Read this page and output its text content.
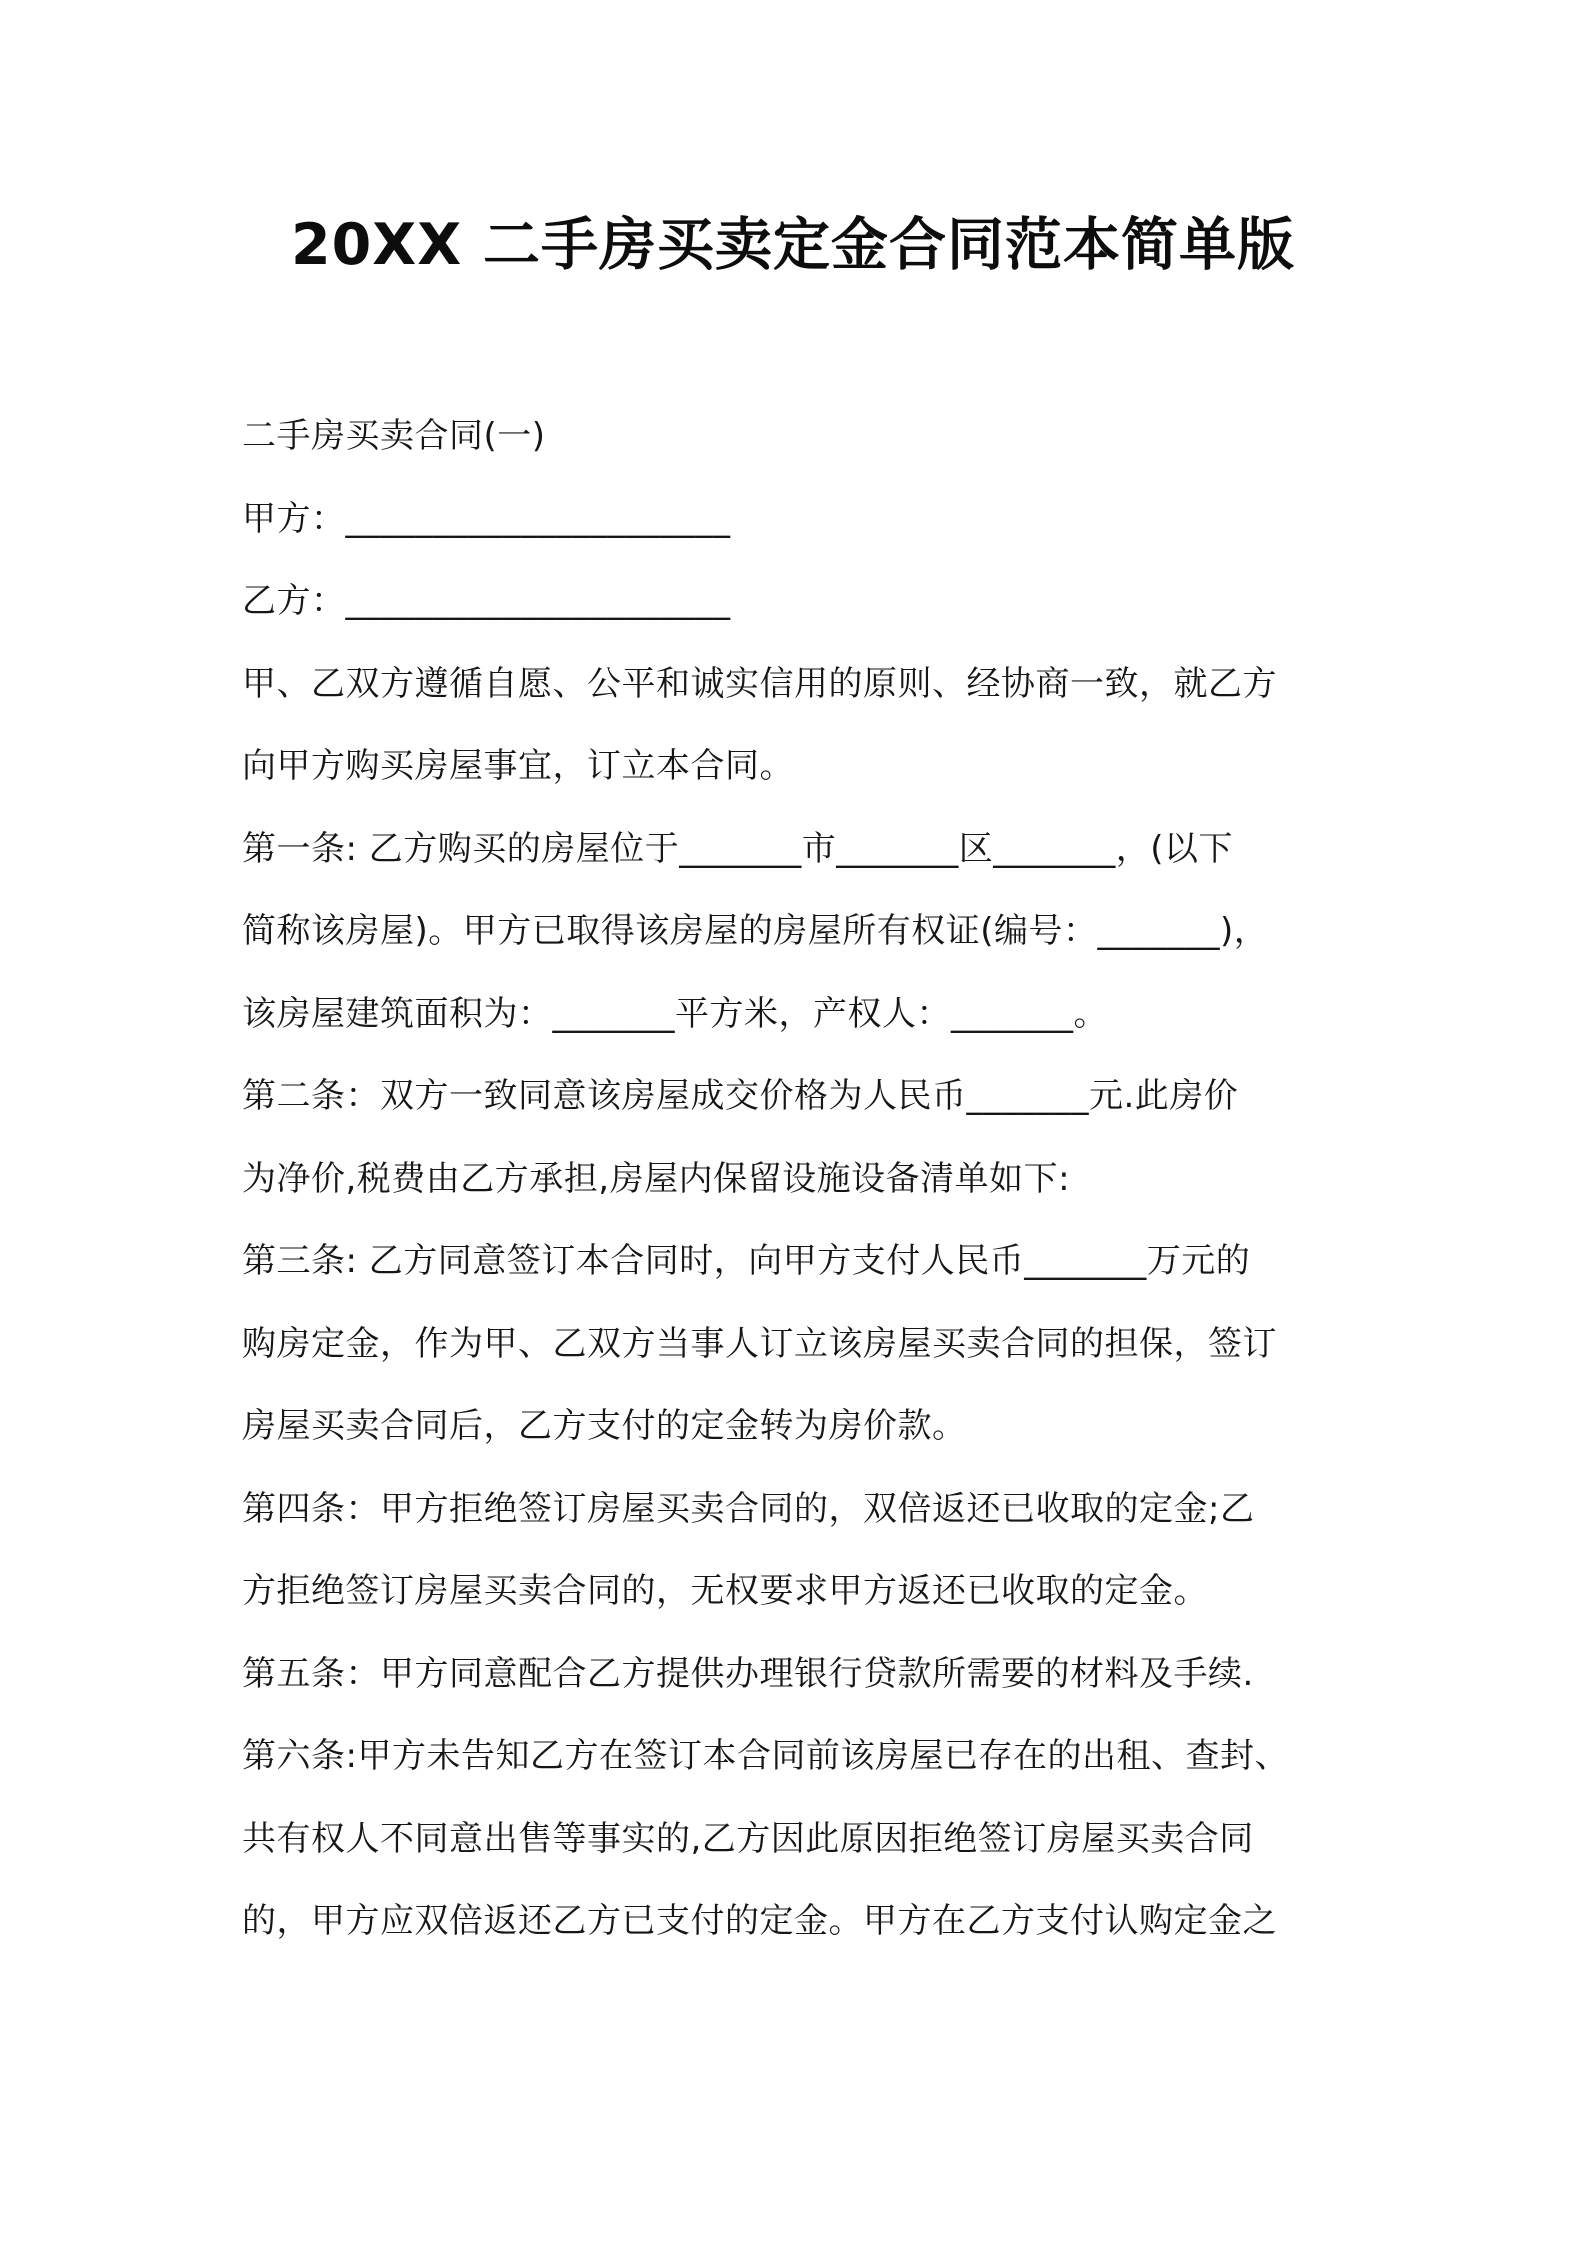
20XX 二手房买卖定金合同范本简单版

二手房买卖合同(一)

甲方：______________________

乙方：______________________

甲、乙双方遵循自愿、公平和诚实信用的原则、经协商一致，就乙方

向甲方购买房屋事宜，订立本合同。

第一条: 乙方购买的房屋位于_______市_______区_______，(以下

简称该房屋)。甲方已取得该房屋的房屋所有权证(编号：_______)，

该房屋建筑面积为：_______平方米，产权人：_______。

第二条：双方一致同意该房屋成交价格为人民币_______元.此房价

为净价,税费由乙方承担,房屋内保留设施设备清单如下:

第三条: 乙方同意签订本合同时，向甲方支付人民币_______万元的

购房定金，作为甲、乙双方当事人订立该房屋买卖合同的担保，签订

房屋买卖合同后，乙方支付的定金转为房价款。

第四条：甲方拒绝签订房屋买卖合同的，双倍返还已收取的定金;乙

方拒绝签订房屋买卖合同的，无权要求甲方返还已收取的定金。

第五条：甲方同意配合乙方提供办理银行贷款所需要的材料及手续.

第六条:甲方未告知乙方在签订本合同前该房屋已存在的出租、查封、

共有权人不同意出售等事实的,乙方因此原因拒绝签订房屋买卖合同

的，甲方应双倍返还乙方已支付的定金。甲方在乙方支付认购定金之
